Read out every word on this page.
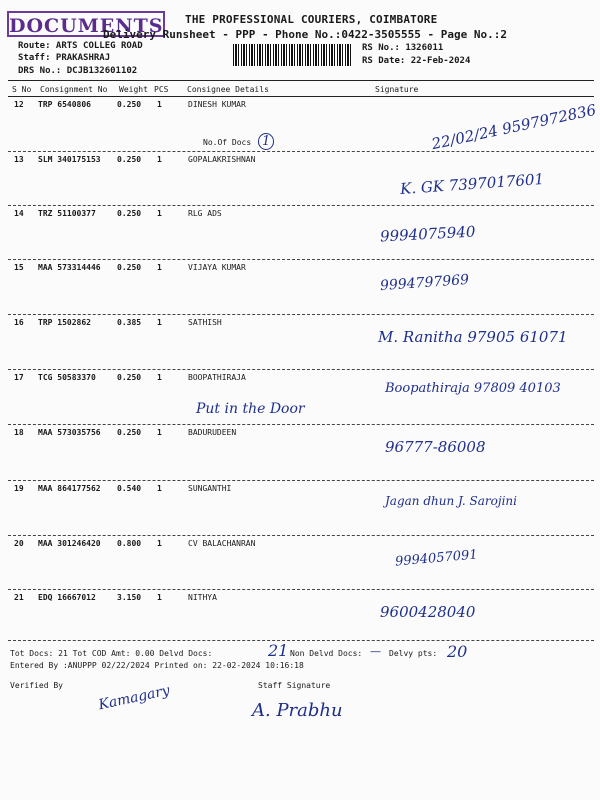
DOCUMENTS THE PROFESSIONAL COURIERS, COIMBATORE
Delivery Runsheet - PPP - Phone No.:0422-3505555 - Page No.:2
Route: ARTS COLLEG ROAD
Staff: PRAKASHRAJ
DRS No.: DCJB132601102
RS No.: 1326011
RS Date: 22-Feb-2024
S No Consignment No Weight PCS Consignee Details	Signature
12 TRP 6540806	0.250 1	DINESH KUMAR
No.Of Docs 1	22/02/24 9597972836
13 SLM 340175153 0.250 1	GOPALAKRISHNAN
K. GK 7397017601
14 TRZ 51100377	0.250 1	RLG ADS
9994075940
15 MAA 573314446 0.250 1	VIJAYA KUMAR
9994797969
16 TRP 1502862	0.385 1	SATHISH
M. Ranitha 97905 61071
17 TCG 50583370	0.250 1	BOOPATHIRAJA
Put in the Door
Boopathiraja 97809 40103
18 MAA 573035756 0.250 1	BADURUDEEN
96777-86008
19 MAA 864177562 0.540 1	SUNGANTHI
Jagan dhun J. Sarojini
20 MAA 301246420 0.800 1	CV BALACHANRAN
9994057091
21 EDQ 16667012	3.150 1	NITHYA
9600428040
Tot Docs: 21 Tot COD Amt: 0.00 Delvd Docs:	21 Non Delvd Docs: — Delvy pts: 20
Entered By :ANUPPP 02/22/2024 Printed on: 22-02-2024 10:16:18
Verified By Kamagary	Staff Signature
A. Prabhu
